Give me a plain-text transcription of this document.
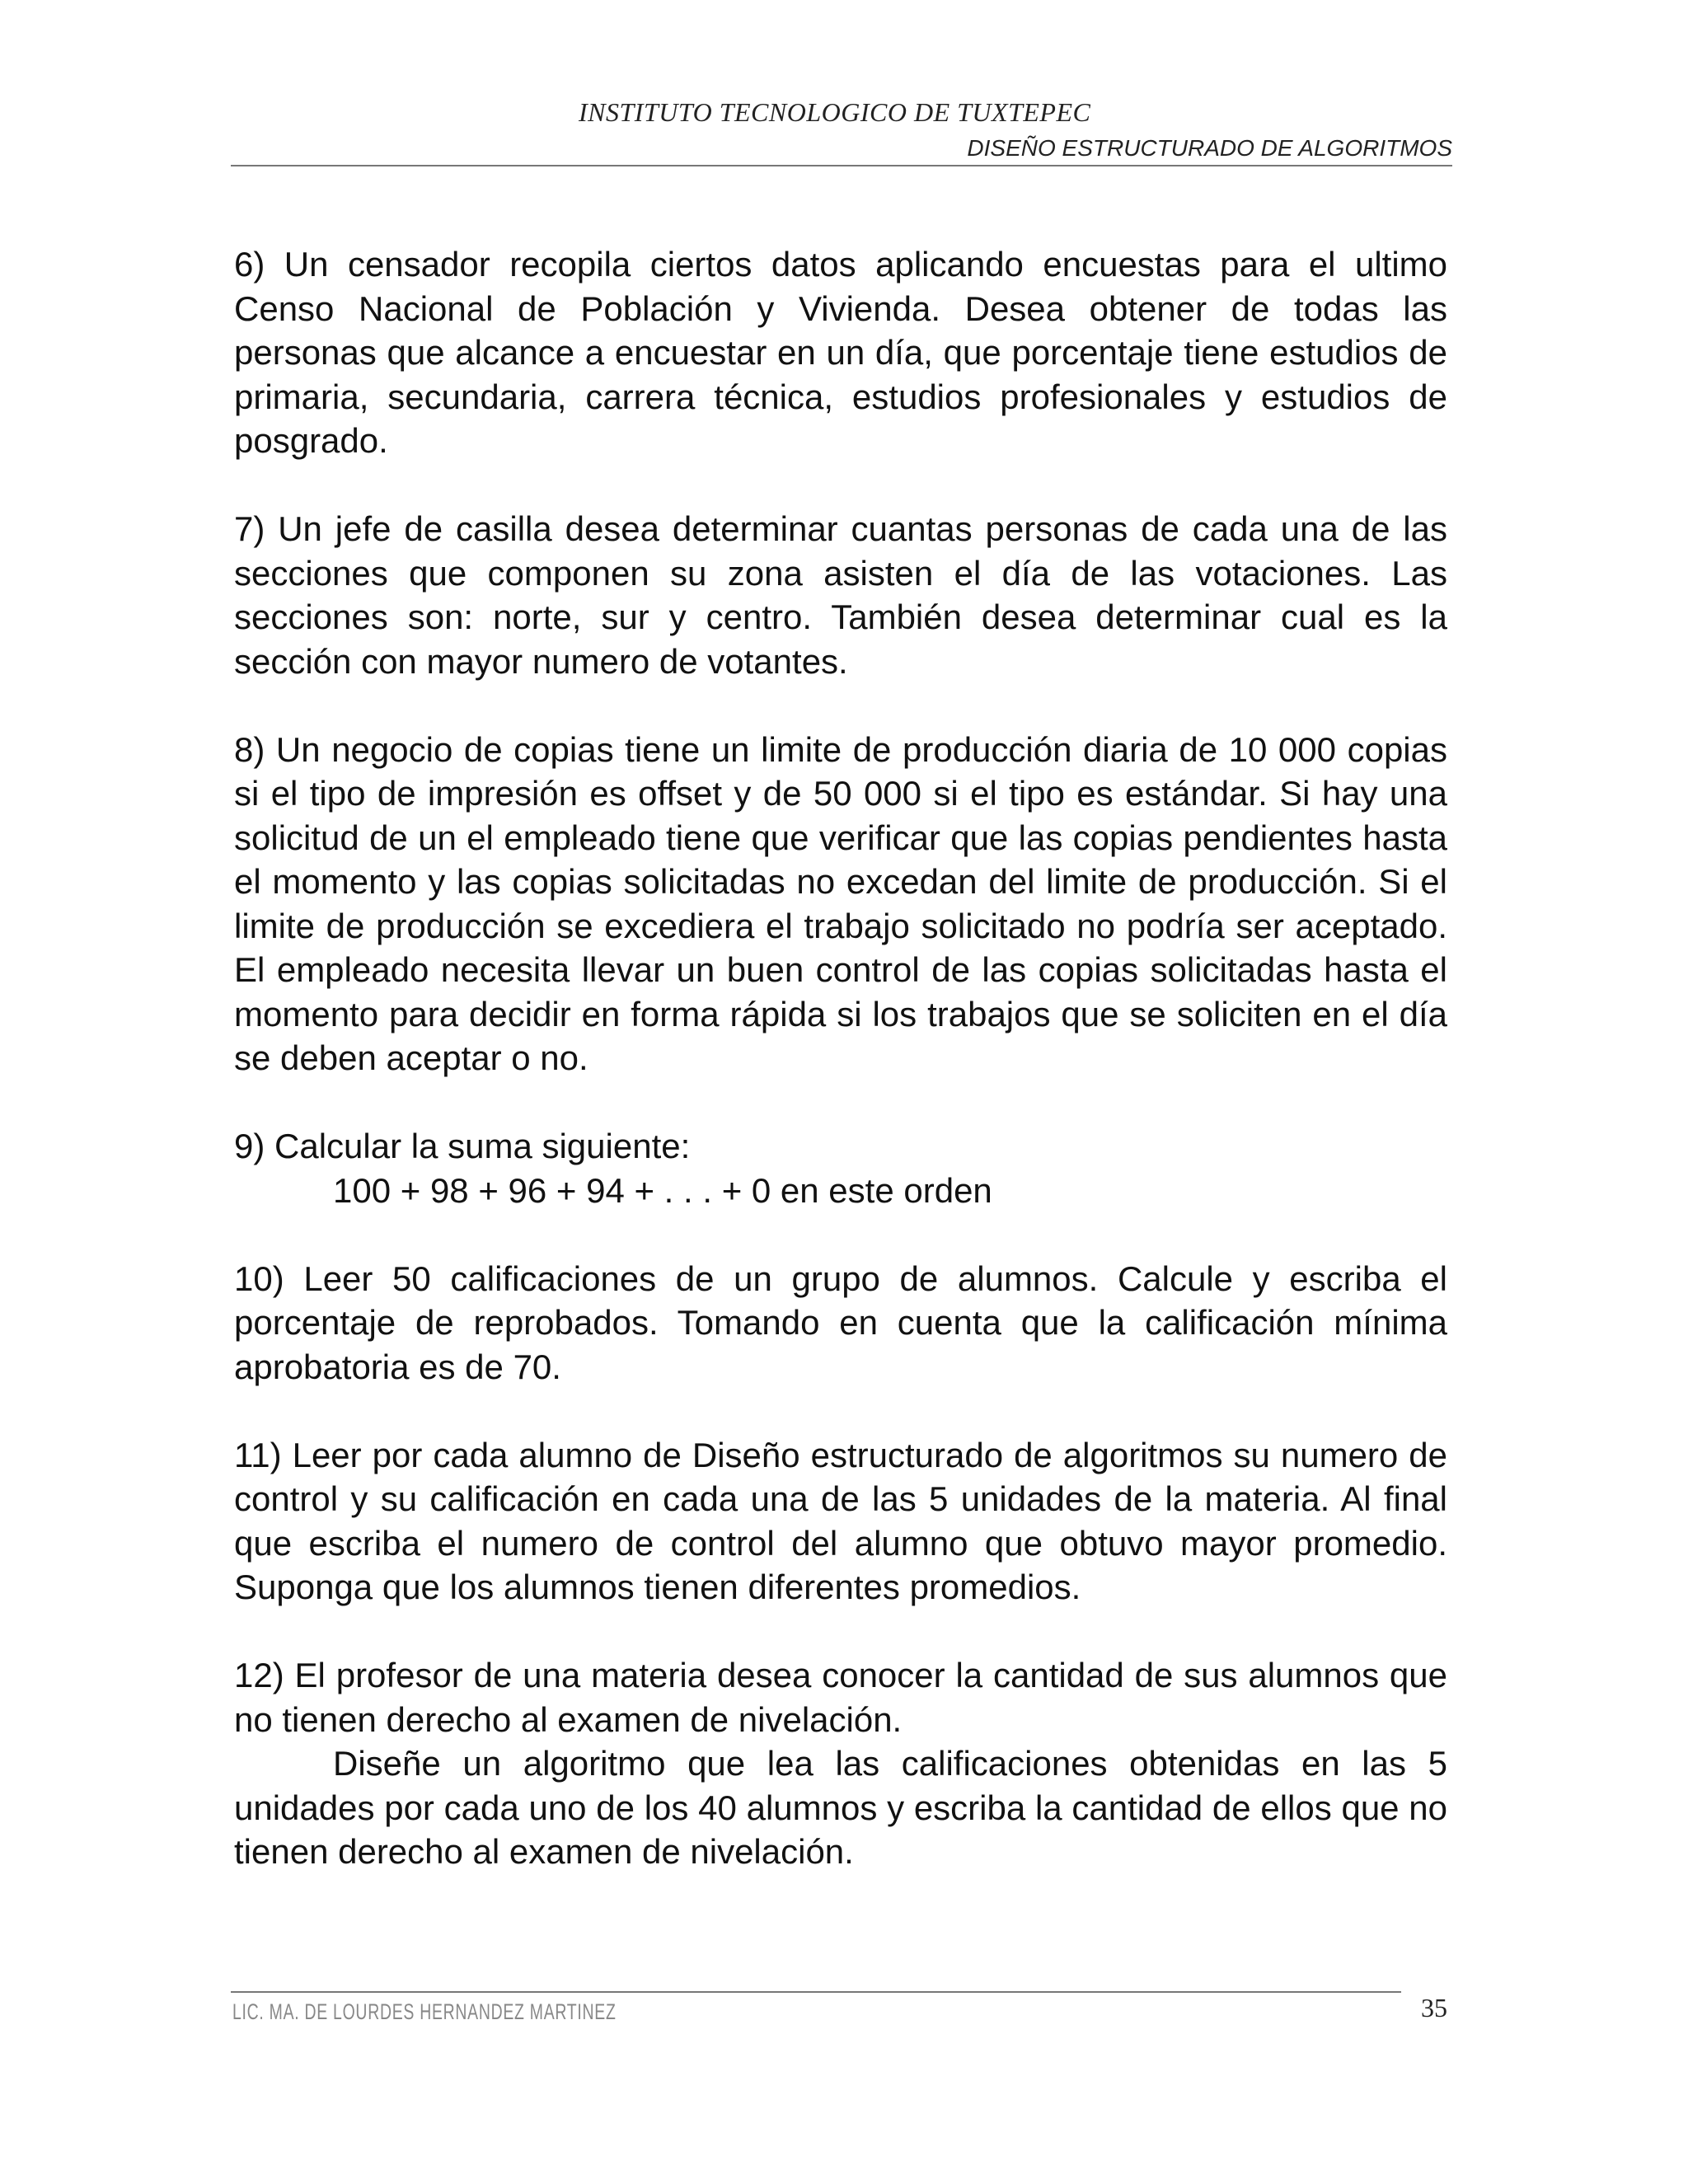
INSTITUTO TECNOLOGICO DE TUXTEPEC
DISEÑO ESTRUCTURADO DE ALGORITMOS

6) Un censador recopila ciertos datos aplicando encuestas para el ultimo Censo Nacional de Población y Vivienda. Desea obtener de todas las personas que alcance a encuestar en un día, que porcentaje tiene estudios de primaria, secundaria, carrera técnica, estudios profesionales y estudios de posgrado.

7) Un jefe de casilla desea determinar cuantas personas de cada una de las secciones que componen su zona asisten el día de las votaciones. Las secciones son: norte, sur y centro. También desea determinar cual es la sección con mayor numero de votantes.

8) Un negocio de copias tiene un limite de producción diaria de 10 000 copias si el tipo de impresión es offset y de 50 000 si el tipo es estándar. Si hay una solicitud de un el empleado tiene que verificar que las copias pendientes hasta el momento y las copias solicitadas no excedan del limite de producción. Si el limite de producción se excediera el trabajo solicitado no podría ser aceptado. El empleado necesita llevar un buen control de las copias solicitadas hasta el momento para decidir en forma rápida si los trabajos que se soliciten en el día se deben aceptar o no.

9) Calcular la suma siguiente:

100 + 98 + 96 + 94 + . . . + 0 en este orden

10) Leer 50 calificaciones de un grupo de alumnos. Calcule y escriba el porcentaje de reprobados. Tomando en cuenta que la calificación mínima aprobatoria es de 70.

11) Leer por cada alumno de Diseño estructurado de algoritmos su numero de control y su calificación en cada una de las 5 unidades de la materia. Al final que escriba el numero de control del alumno que obtuvo mayor promedio. Suponga que los alumnos tienen diferentes promedios.

12) El profesor de una materia desea conocer la cantidad de sus alumnos que no tienen derecho al examen de nivelación.

Diseñe un algoritmo que lea las calificaciones obtenidas en las 5 unidades por cada uno de los 40 alumnos y escriba la cantidad de ellos que no tienen derecho al examen de nivelación.

LIC. MA. DE LOURDES HERNANDEZ MARTINEZ	35
